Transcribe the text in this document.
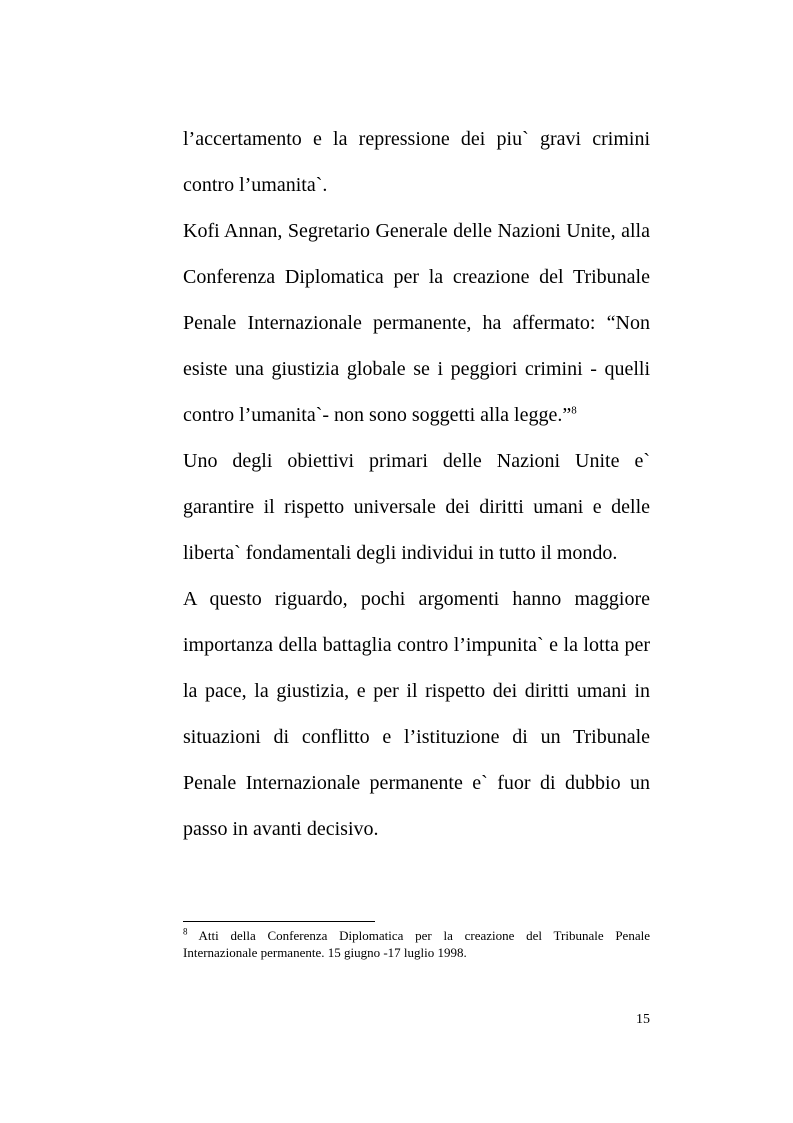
l’accertamento e la repressione dei piu` gravi crimini
contro l’umanita`.
Kofi Annan, Segretario Generale delle Nazioni Unite, alla
Conferenza Diplomatica per la creazione del Tribunale
Penale Internazionale permanente, ha affermato: “Non
esiste una giustizia globale se i peggiori crimini - quelli
contro l’umanita`- non sono soggetti alla legge.”$^8$
Uno degli obiettivi primari delle Nazioni Unite e`
garantire il rispetto universale dei diritti umani e delle
liberta` fondamentali degli individui in tutto il mondo.
A questo riguardo, pochi argomenti hanno maggiore
importanza della battaglia contro l’impunita` e la lotta per
la pace, la giustizia, e per il rispetto dei diritti umani in
situazioni di conflitto e l’istituzione di un Tribunale
Penale Internazionale permanente e` fuor di dubbio un
passo in avanti decisivo.
$^8$ Atti della Conferenza Diplomatica per la creazione del Tribunale Penale
Internazionale permanente. 15 giugno -17 luglio 1998.
15
